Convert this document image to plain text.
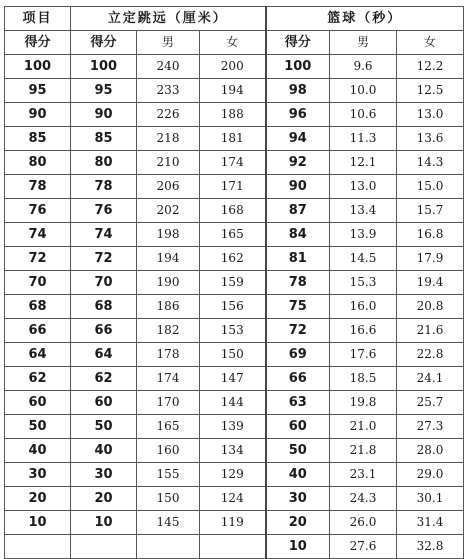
项目	立定跳远（厘米）			篮球（秒）		
得分	得分	男	女	得分	男	女
100	100	240	200	100	9.6	12.2
95	95	233	194	98	10.0	12.5
90	90	226	188	96	10.6	13.0
85	85	218	181	94	11.3	13.6
80	80	210	174	92	12.1	14.3
78	78	206	171	90	13.0	15.0
76	76	202	168	87	13.4	15.7
74	74	198	165	84	13.9	16.8
72	72	194	162	81	14.5	17.9
70	70	190	159	78	15.3	19.4
68	68	186	156	75	16.0	20.8
66	66	182	153	72	16.6	21.6
64	64	178	150	69	17.6	22.8
62	62	174	147	66	18.5	24.1
60	60	170	144	63	19.8	25.7
50	50	165	139	60	21.0	27.3
40	40	160	134	50	21.8	28.0
30	30	155	129	40	23.1	29.0
20	20	150	124	30	24.3	30.1
10	10	145	119	20	26.0	31.4
				10	27.6	32.8
